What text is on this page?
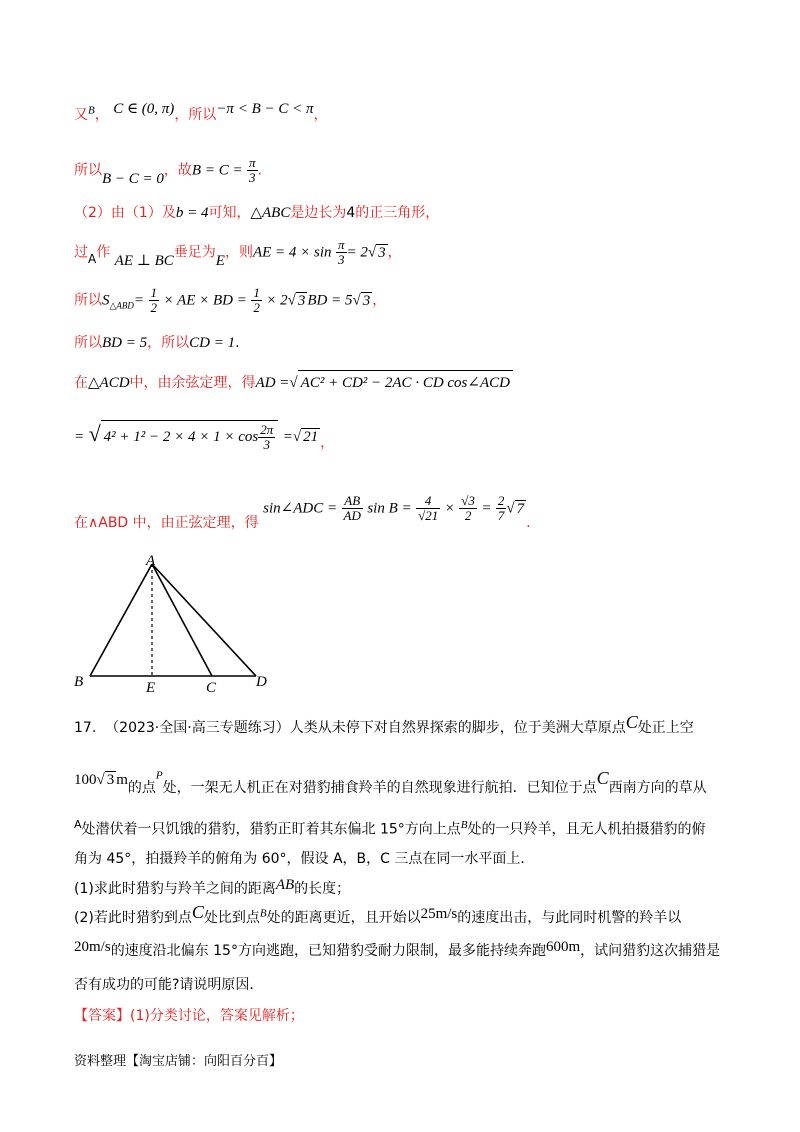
又$^B$， C ∈ (0, π)，所以−π < B − C < π，
所以B − C = 0，故$B = C = \frac{\pi}{3}$ .
（2）由（1）及b = 4可知，△ABC是边长为4的正三角形，
过A作 AE ⊥ BC垂足为E，则AE = $4 \times \sin \frac{\pi}{3} = 2√$ 3 ，
所以$S_{\triangle ABD}= \frac{1}{2}$ × AE × BD = $\frac{1}{2} \times 2√$ 3 BD = 5√ 3 ，
所以BD = 5，所以CD = 1.
在△ACD中，由余弦定理，得AD =√ AC² + CD² − 2AC · CD cos∠ACD
= √ $4^2 + 1^2 - 2 \times 4 \times 1 \times \cos \frac{2\pi}{3}$ =√ 21 ，
在∧ABD 中，由正弦定理，得 sin∠ADC = $\frac{AB}{AD}$ $\sin B = \frac{4}{√21} \times \frac{√3}{2} = \frac{2}{7}$ √ 7.
A
B	E	C	D
17. （2023·全国·高三专题练习）人类从未停下对自然界探索的脚步，位于美洲大草原点C处正上空
100√ 3 m的点$^P$处，一架无人机正在对猎豹捕食羚羊的自然现象进行航拍．已知位于点C西南方向的草从
$^A$处潜伏着一只饥饿的猎豹，猎豹正盯着其东偏北 15°方向上点$^B$处的一只羚羊，且无人机拍摄猎豹的俯
角为 45°，拍摄羚羊的俯角为 60°，假设 A，B，C 三点在同一水平面上．
(1)求此时猎豹与羚羊之间的距离AB的长度；
(2)若此时猎豹到点C处比到点$^B$处的距离更近，且开始以25m/s的速度出击，与此同时机警的羚羊以
20m/s的速度沿北偏东 15°方向逃跑，已知猎豹受耐力限制，最多能持续奔跑600m，试问猎豹这次捕猎是
否有成功的可能?请说明原因．
【答案】(1)分类讨论，答案见解析；
资料整理【淘宝店铺：向阳百分百】
